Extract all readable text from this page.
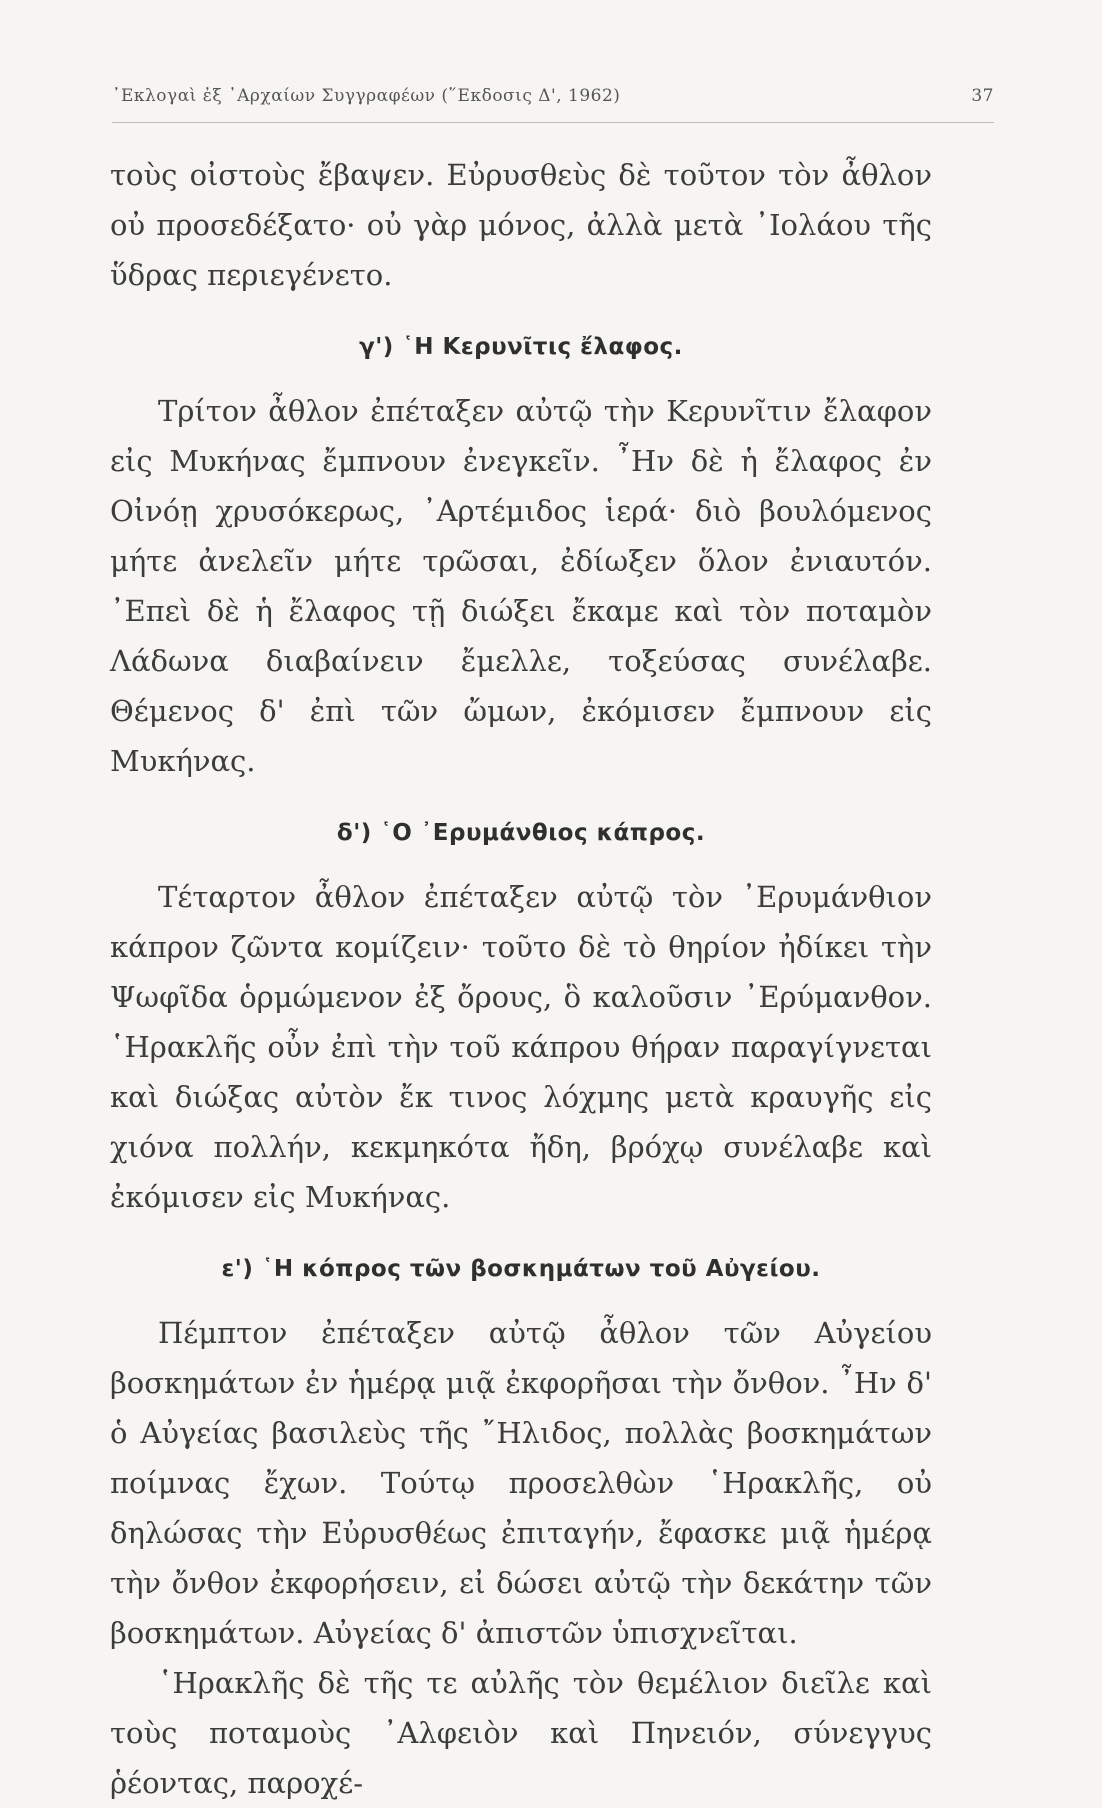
᾿Εκλογαὶ ἐξ ᾿Αρχαίων Συγγραφέων (῞Εκδοσις Δ', 1962)	37

τοὺς οἰστοὺς ἔβαψεν. Εὐρυσθεὺς δὲ τοῦτον τὸν ἆθλον οὐ προσεδέξατο· οὐ γὰρ μόνος, ἀλλὰ μετὰ ᾿Ιολάου τῆς ὕδρας περιεγένετο.

γ') ῾Η Κερυνῖτις ἔλαφος.

Τρίτον ἆθλον ἐπέταξεν αὐτῷ τὴν Κερυνῖτιν ἔλαφον εἰς Μυκήνας ἔμπνουν ἐνεγκεῖν. ῏Ην δὲ ἡ ἔλαφος ἐν Οἰνόῃ χρυσόκερως, ᾿Αρτέμιδος ἱερά· διὸ βουλόμενος μήτε ἀνελεῖν μήτε τρῶσαι, ἐδίωξεν ὅλον ἐνιαυτόν. ᾿Επεὶ δὲ ἡ ἔλαφος τῇ διώξει ἔκαμε καὶ τὸν ποταμὸν Λάδωνα διαβαίνειν ἔμελλε, τοξεύσας συνέλαβε. Θέμενος δ' ἐπὶ τῶν ὤμων, ἐκόμισεν ἔμπνουν εἰς Μυκήνας.

δ') ῾Ο ᾿Ερυμάνθιος κάπρος.

Τέταρτον ἆθλον ἐπέταξεν αὐτῷ τὸν ᾿Ερυμάνθιον κάπρον ζῶντα κομίζειν· τοῦτο δὲ τὸ θηρίον ἠδίκει τὴν Ψωφῖδα ὁρμώμενον ἐξ ὄρους, ὃ καλοῦσιν ᾿Ερύμανθον. ῾Ηρακλῆς οὖν ἐπὶ τὴν τοῦ κάπρου θήραν παραγίγνεται καὶ διώξας αὐτὸν ἔκ τινος λόχμης μετὰ κραυγῆς εἰς χιόνα πολλήν, κεκμηκότα ἤδη, βρόχῳ συνέλαβε καὶ ἐκόμισεν εἰς Μυκήνας.

ε') ῾Η κόπρος τῶν βοσκημάτων τοῦ Αὐγείου.

Πέμπτον ἐπέταξεν αὐτῷ ἆθλον τῶν Αὐγείου βοσκημάτων ἐν ἡμέρᾳ μιᾷ ἐκφορῆσαι τὴν ὄνθον. ῏Ην δ' ὁ Αὐγείας βασιλεὺς τῆς ῎Ηλιδος, πολλὰς βοσκημάτων ποίμνας ἔχων. Τούτῳ προσελθὼν ῾Ηρακλῆς, οὐ δηλώσας τὴν Εὐρυσθέως ἐπιταγήν, ἔφασκε μιᾷ ἡμέρᾳ τὴν ὄνθον ἐκφορήσειν, εἰ δώσει αὐτῷ τὴν δεκάτην τῶν βοσκημάτων. Αὐγείας δ' ἀπιστῶν ὑπισχνεῖται.

῾Ηρακλῆς δὲ τῆς τε αὐλῆς τὸν θεμέλιον διεῖλε καὶ τοὺς ποταμοὺς ᾿Αλφειὸν καὶ Πηνειόν, σύνεγγυς ῥέοντας, παροχέ-
